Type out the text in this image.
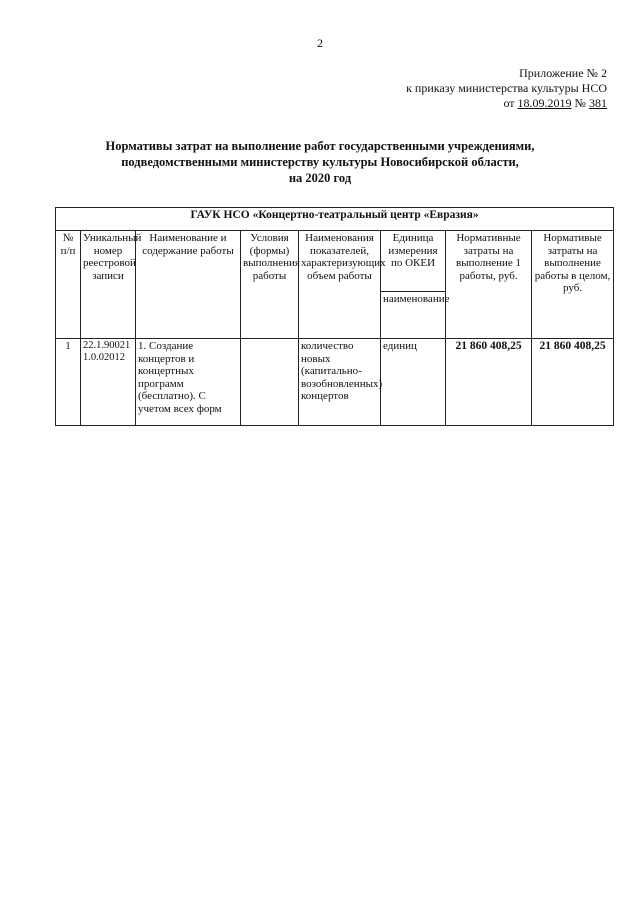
2
Приложение № 2
к приказу министерства культуры НСО
от 18.09.2019 № 381
Нормативы затрат на выполнение работ государственными учреждениями,
подведомственными министерству культуры Новосибирской области,
на 2020 год
ГАУК НСО «Концертно-театральный центр «Евразия»							
№ п/п	Уникальный номер реестровой записи	Наименование и содержание работы	Условия (формы) выполнения работы	Наименования показателей, характеризующих объем работы	Единица измерения по ОКЕИ	Нормативные затраты на выполнение 1 работы, руб.	Нормативые затраты на выполнение работы в целом, руб.
					наименование		
1	22.1.900211.0.02012	1. Создание концертов и концертных программ (бесплатно). С учетом всех форм		количество новых (капитально-возобновленных) концертов	единиц	21 860 408,25	21 860 408,25
